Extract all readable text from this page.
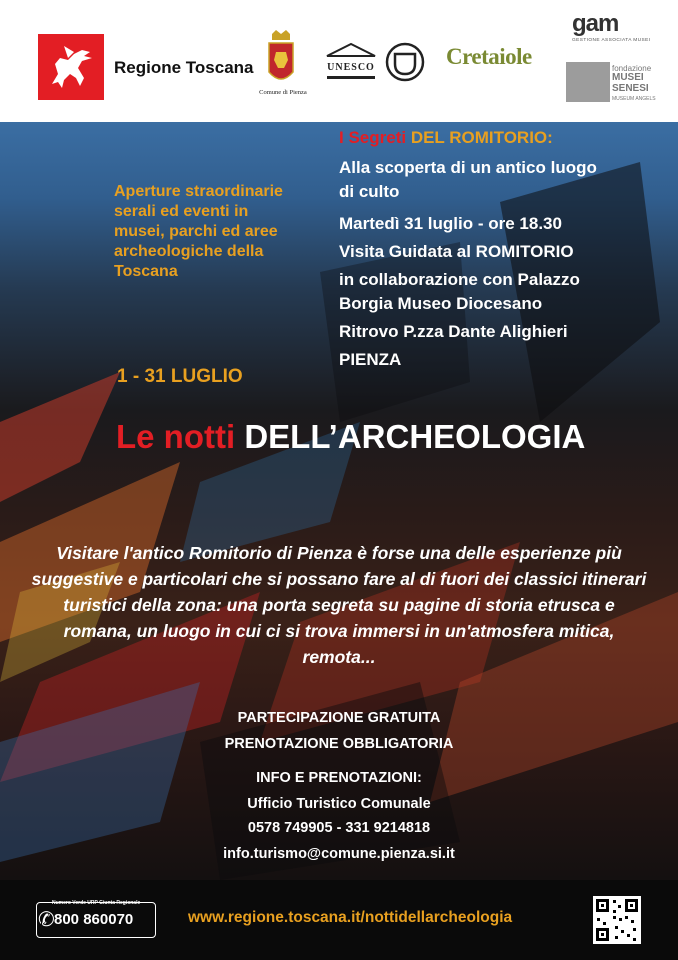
Regione Toscana
Comune di Pienza
UNESCO	Cretaiole
gam
GESTIONE ASSOCIATA MUSEI
fondazione
MUSEI
SENESI
MUSEUM ANGELS
Aperture straordinarie serali ed eventi in musei, parchi ed aree archeologiche della Toscana
1 - 31 LUGLIO
I Segreti DEL ROMITORIO:
Alla scoperta di un antico luogo
di culto
Martedì 31 luglio - ore 18.30
Visita Guidata al ROMITORIO
in collaborazione con Palazzo
Borgia Museo Diocesano
Ritrovo P.zza Dante Alighieri
PIENZA
Le notti DELL’ARCHEOLOGIA
Visitare l'antico Romitorio di Pienza è forse una delle esperienze più suggestive e particolari che si possano fare al di fuori dei classici itinerari turistici della zona: una porta segreta su pagine di storia etrusca e romana, un luogo in cui ci si trova immersi in un'atmosfera mitica, remota...
PARTECIPAZIONE GRATUITA
PRENOTAZIONE OBBLIGATORIA
INFO E PRENOTAZIONI:
Ufficio Turistico Comunale
0578 749905 - 331 9214818
info.turismo@comune.pienza.si.it
✆
Numero Verde URP Giunta Regionale
800 860070	www.regione.toscana.it/nottidellarcheologia
